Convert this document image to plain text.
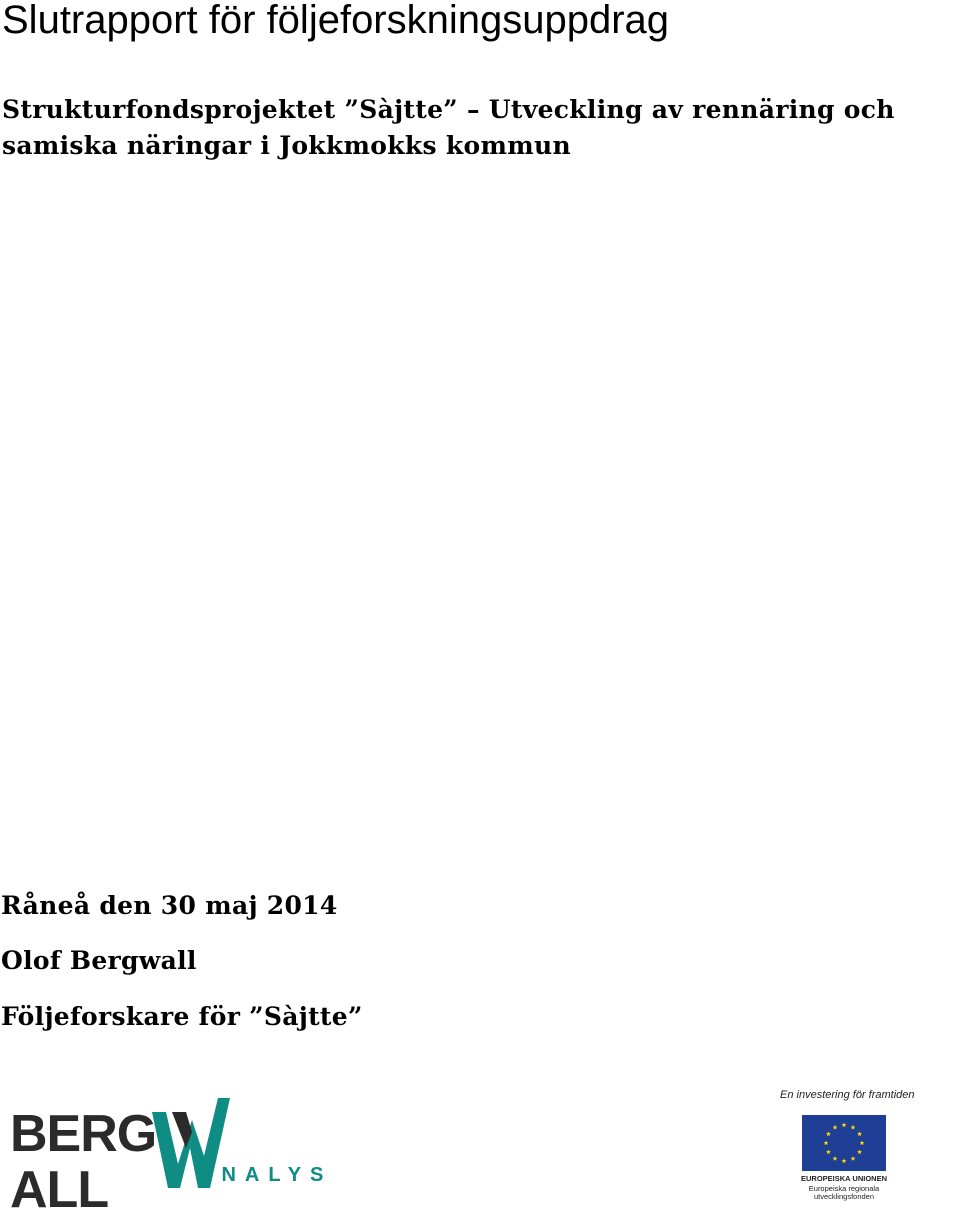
Slutrapport för följeforskningsuppdrag

Strukturfondsprojektet ”Sàjtte” – Utveckling av rennäring och samiska näringar i Jokkmokks kommun

Råneå den 30 maj 2014

Olof Bergwall

Följeforskare för ”Sàjtte”

BERGALL	ANALYS
En investering för framtiden
EUROPEISKA UNIONEN
Europeiska regionala
utvecklingsfonden
